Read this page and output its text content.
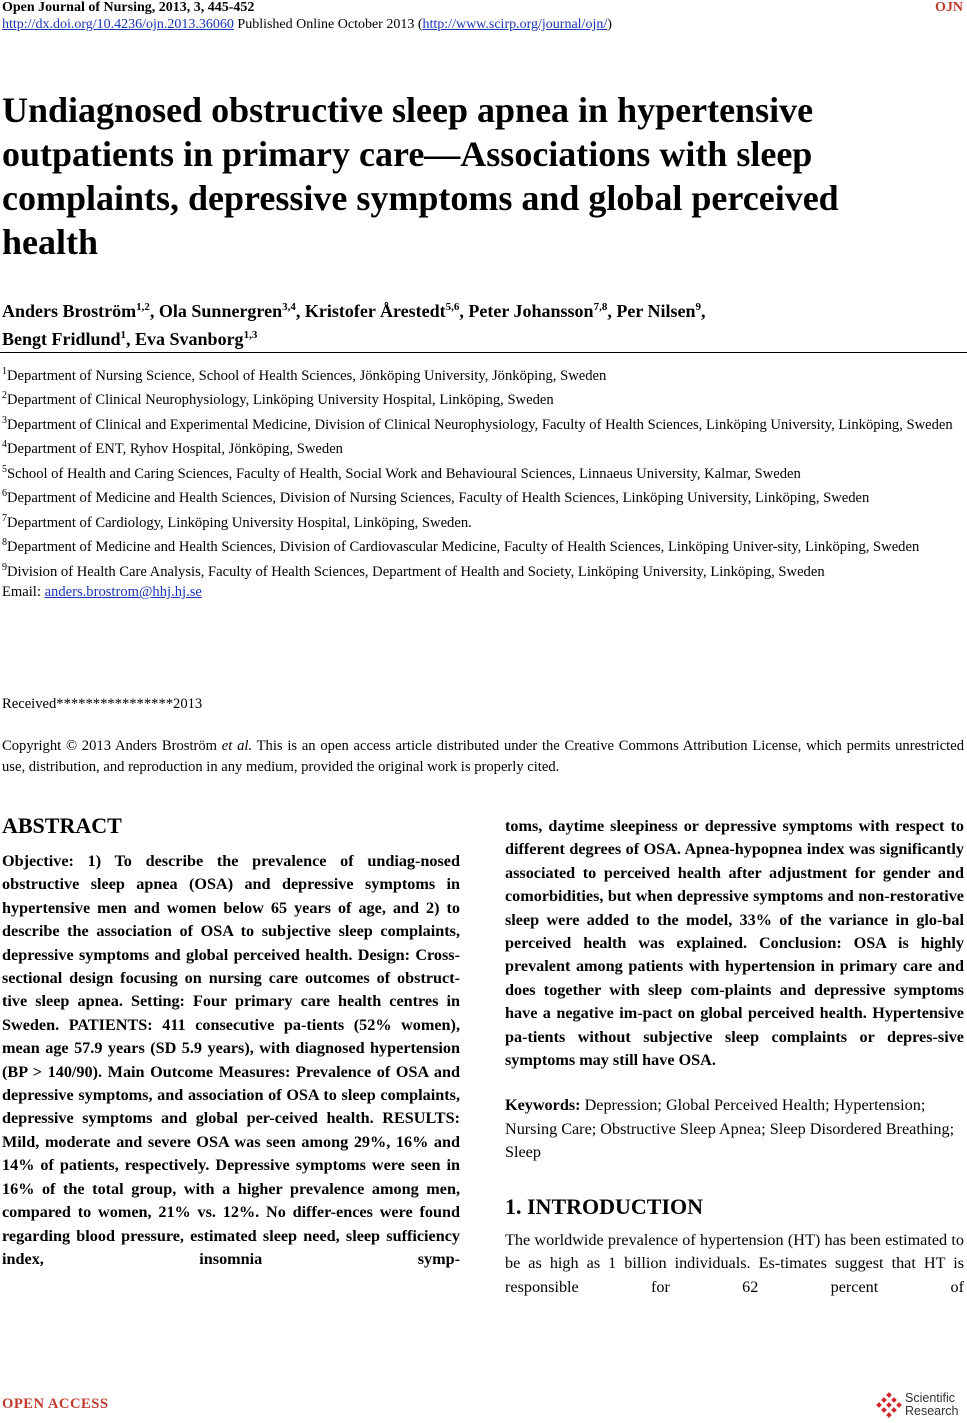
Open Journal of Nursing, 2013, 3, 445-452	OJN
http://dx.doi.org/10.4236/ojn.2013.36060 Published Online October 2013 (http://www.scirp.org/journal/ojn/)
Undiagnosed obstructive sleep apnea in hypertensive
outpatients in primary care—Associations with sleep
complaints, depressive symptoms and global perceived
health
Anders Broström$^{1,2}$, Ola Sunnergren$^{3,4}$, Kristofer Årestedt$^{5,6}$, Peter Johansson$^{7,8}$, Per Nilsen$^9$,
Bengt Fridlund$^1$, Eva Svanborg$^{1,3}$

$^1$Department of Nursing Science, School of Health Sciences, Jönköping University, Jönköping, Sweden

$^2$Department of Clinical Neurophysiology, Linköping University Hospital, Linköping, Sweden

$^3$Department of Clinical and Experimental Medicine, Division of Clinical Neurophysiology, Faculty of Health Sciences, Linköping University, Linköping, Sweden

$^4$Department of ENT, Ryhov Hospital, Jönköping, Sweden

$^5$School of Health and Caring Sciences, Faculty of Health, Social Work and Behavioural Sciences, Linnaeus University, Kalmar, Sweden

$^6$Department of Medicine and Health Sciences, Division of Nursing Sciences, Faculty of Health Sciences, Linköping University, Linköping, Sweden

$^7$Department of Cardiology, Linköping University Hospital, Linköping, Sweden.

$^8$Department of Medicine and Health Sciences, Division of Cardiovascular Medicine, Faculty of Health Sciences, Linköping Univer-sity, Linköping, Sweden

$^9$Division of Health Care Analysis, Faculty of Health Sciences, Department of Health and Society, Linköping University, Linköping, Sweden

Email: anders.brostrom@hhj.hj.se

Received****************2013
Copyright © 2013 Anders Broström et al. This is an open access article distributed under the Creative Commons Attribution License, which permits unrestricted use, distribution, and reproduction in any medium, provided the original work is properly cited.
ABSTRACT

Objective: 1) To describe the prevalence of undiag-nosed obstructive sleep apnea (OSA) and depressive symptoms in hypertensive men and women below 65 years of age, and 2) to describe the association of OSA to subjective sleep complaints, depressive symptoms and global perceived health. Design: Cross-sectional design focusing on nursing care outcomes of obstruct-tive sleep apnea. Setting: Four primary care health centres in Sweden. PATIENTS: 411 consecutive pa-tients (52% women), mean age 57.9 years (SD 5.9 years), with diagnosed hypertension (BP > 140/90). Main Outcome Measures: Prevalence of OSA and depressive symptoms, and association of OSA to sleep complaints, depressive symptoms and global per-ceived health. RESULTS: Mild, moderate and severe OSA was seen among 29%, 16% and 14% of patients, respectively. Depressive symptoms were seen in 16% of the total group, with a higher prevalence among men, compared to women, 21% vs. 12%. No differ-ences were found regarding blood pressure, estimated sleep need, sleep sufficiency index, insomnia symp-

toms, daytime sleepiness or depressive symptoms with respect to different degrees of OSA. Apnea-hypopnea index was significantly associated to perceived health after adjustment for gender and comorbidities, but when depressive symptoms and non-restorative sleep were added to the model, 33% of the variance in glo-bal perceived health was explained. Conclusion: OSA is highly prevalent among patients with hypertension in primary care and does together with sleep com-plaints and depressive symptoms have a negative im-pact on global perceived health. Hypertensive pa-tients without subjective sleep complaints or depres-sive symptoms may still have OSA.

Keywords: Depression; Global Perceived Health; Hypertension; Nursing Care; Obstructive Sleep Apnea; Sleep Disordered Breathing; Sleep

1. INTRODUCTION

The worldwide prevalence of hypertension (HT) has been estimated to be as high as 1 billion individuals. Es-timates suggest that HT is responsible for 62 percent of

OPEN ACCESS	Scientific
Research
